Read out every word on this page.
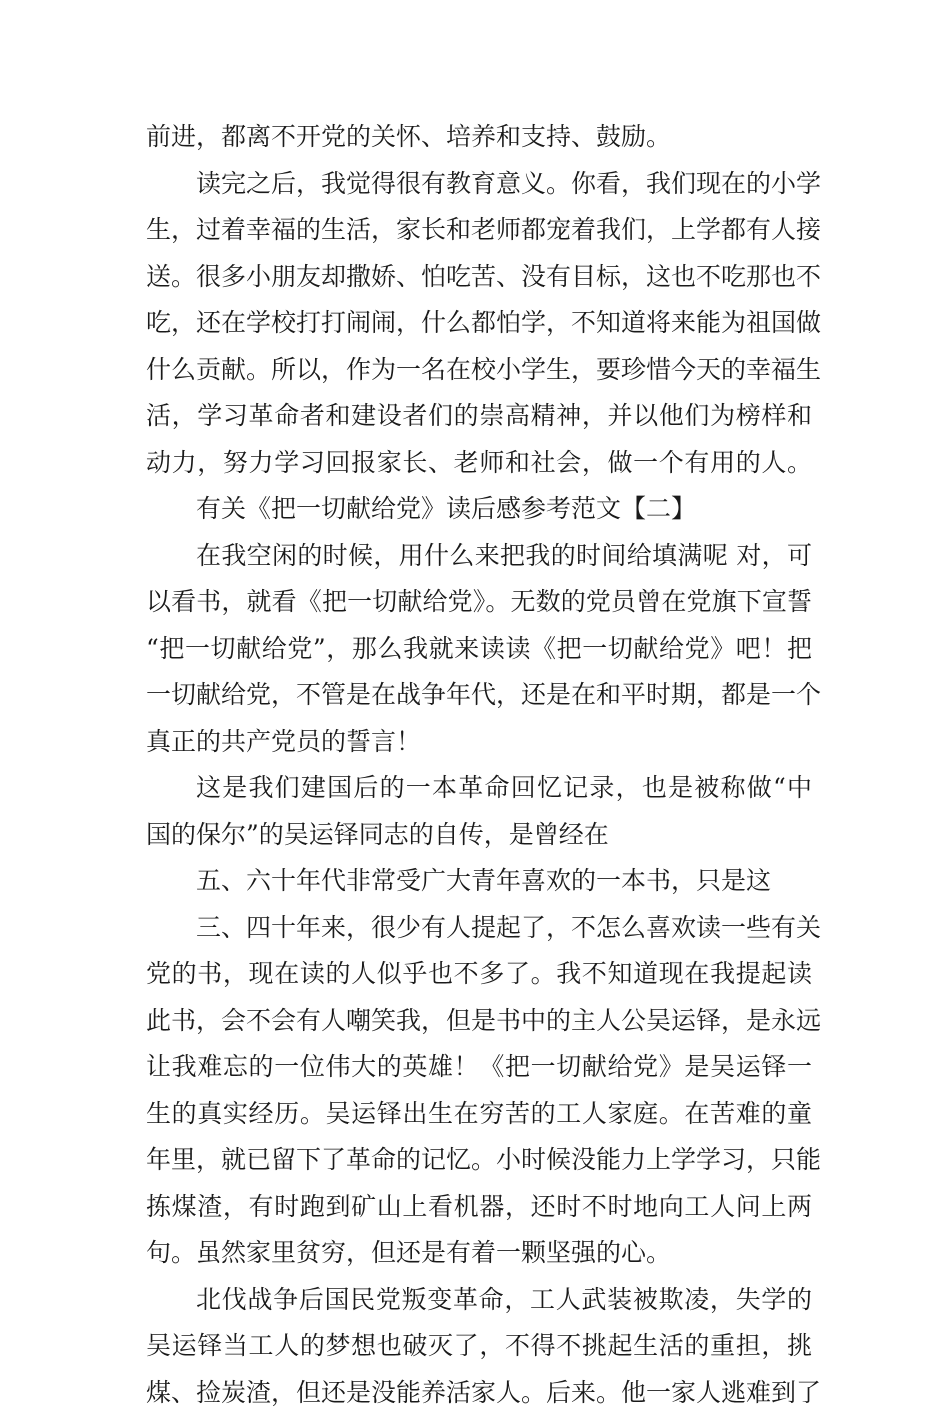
前进，都离不开党的关怀、培养和支持、鼓励。
读完之后，我觉得很有教育意义。你看，我们现在的小学
生，过着幸福的生活，家长和老师都宠着我们，上学都有人接
送。很多小朋友却撒娇、怕吃苦、没有目标，这也不吃那也不
吃，还在学校打打闹闹，什么都怕学，不知道将来能为祖国做
什么贡献。所以，作为一名在校小学生，要珍惜今天的幸福生
活，学习革命者和建设者们的崇高精神，并以他们为榜样和
动力，努力学习回报家长、老师和社会，做一个有用的人。
有关《把一切献给党》读后感参考范文【二】
在我空闲的时候，用什么来把我的时间给填满呢 对，可
以看书，就看《把一切献给党》。无数的党员曾在党旗下宣誓
“把一切献给党”，那么我就来读读《把一切献给党》吧！把
一切献给党，不管是在战争年代，还是在和平时期，都是一个
真正的共产党员的誓言！
这是我们建国后的一本革命回忆记录，也是被称做“中
国的保尔”的吴运铎同志的自传，是曾经在
五、六十年代非常受广大青年喜欢的一本书，只是这
三、四十年来，很少有人提起了，不怎么喜欢读一些有关
党的书，现在读的人似乎也不多了。我不知道现在我提起读
此书，会不会有人嘲笑我，但是书中的主人公吴运铎，是永远
让我难忘的一位伟大的英雄！《把一切献给党》是吴运铎一
生的真实经历。吴运铎出生在穷苦的工人家庭。在苦难的童
年里，就已留下了革命的记忆。小时候没能力上学学习，只能
拣煤渣，有时跑到矿山上看机器，还时不时地向工人问上两
句。虽然家里贫穷，但还是有着一颗坚强的心。
北伐战争后国民党叛变革命，工人武装被欺凌，失学的
吴运铎当工人的梦想也破灭了，不得不挑起生活的重担，挑
煤、捡炭渣，但还是没能养活家人。后来。他一家人逃难到了
